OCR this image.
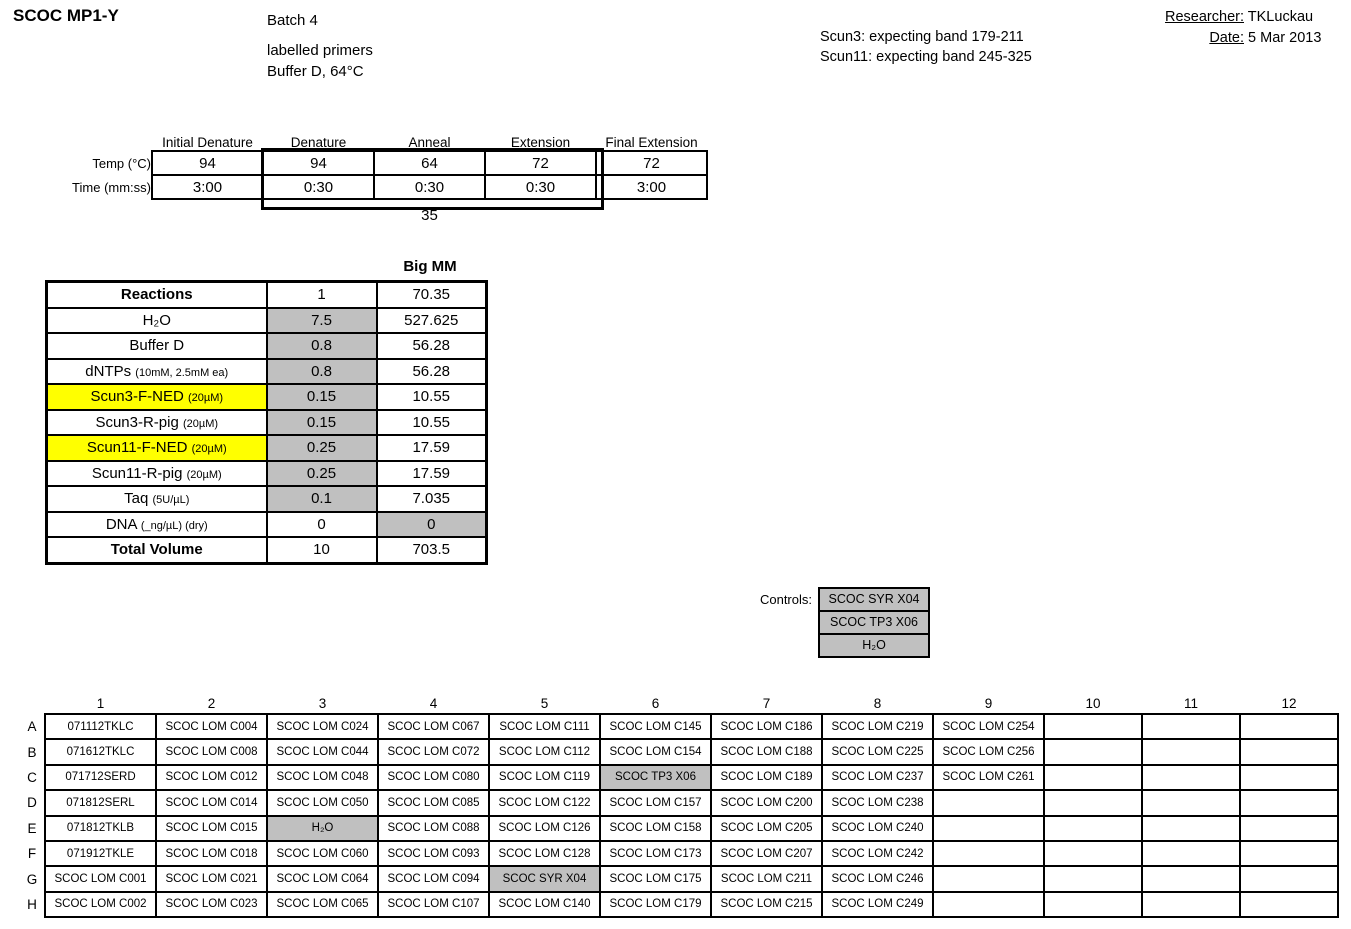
SCOC MP1-Y	Batch 4
labelled primers
Buffer D, 64°C
Scun3: expecting band 179-211
Scun11: expecting band 245-325
Researcher: TKLuckau
Date: 5 Mar 2013
	Initial Denature	Denature	Anneal	Extension	Final Extension
Temp (°C)	94	94	64	72	72
Time (mm:ss)	3:00	0:30	0:30	0:30	3:00
35
Big MM
Reactions	1	70.35
H₂O	7.5	527.625
Buffer D	0.8	56.28
dNTPs (10mM, 2.5mM ea)	0.8	56.28
Scun3-F-NED (20µM)	0.15	10.55
Scun3-R-pig (20µM)	0.15	10.55
Scun11-F-NED (20µM)	0.25	17.59
Scun11-R-pig (20µM)	0.25	17.59
Taq (5U/µL)	0.1	7.035
DNA (_ng/µL) (dry)	0	0
Total Volume	10	703.5
Controls:	SCOC SYR X04
SCOC TP3 X06
H₂O
	1	2	3	4	5	6	7	8	9	10	11	12
A	071112TKLC	SCOC LOM C004	SCOC LOM C024	SCOC LOM C067	SCOC LOM C111	SCOC LOM C145	SCOC LOM C186	SCOC LOM C219	SCOC LOM C254			
B	071612TKLC	SCOC LOM C008	SCOC LOM C044	SCOC LOM C072	SCOC LOM C112	SCOC LOM C154	SCOC LOM C188	SCOC LOM C225	SCOC LOM C256			
C	071712SERD	SCOC LOM C012	SCOC LOM C048	SCOC LOM C080	SCOC LOM C119	SCOC TP3 X06	SCOC LOM C189	SCOC LOM C237	SCOC LOM C261			
D	071812SERL	SCOC LOM C014	SCOC LOM C050	SCOC LOM C085	SCOC LOM C122	SCOC LOM C157	SCOC LOM C200	SCOC LOM C238				
E	071812TKLB	SCOC LOM C015	H₂O	SCOC LOM C088	SCOC LOM C126	SCOC LOM C158	SCOC LOM C205	SCOC LOM C240				
F	071912TKLE	SCOC LOM C018	SCOC LOM C060	SCOC LOM C093	SCOC LOM C128	SCOC LOM C173	SCOC LOM C207	SCOC LOM C242				
G	SCOC LOM C001	SCOC LOM C021	SCOC LOM C064	SCOC LOM C094	SCOC SYR X04	SCOC LOM C175	SCOC LOM C211	SCOC LOM C246				
H	SCOC LOM C002	SCOC LOM C023	SCOC LOM C065	SCOC LOM C107	SCOC LOM C140	SCOC LOM C179	SCOC LOM C215	SCOC LOM C249				
